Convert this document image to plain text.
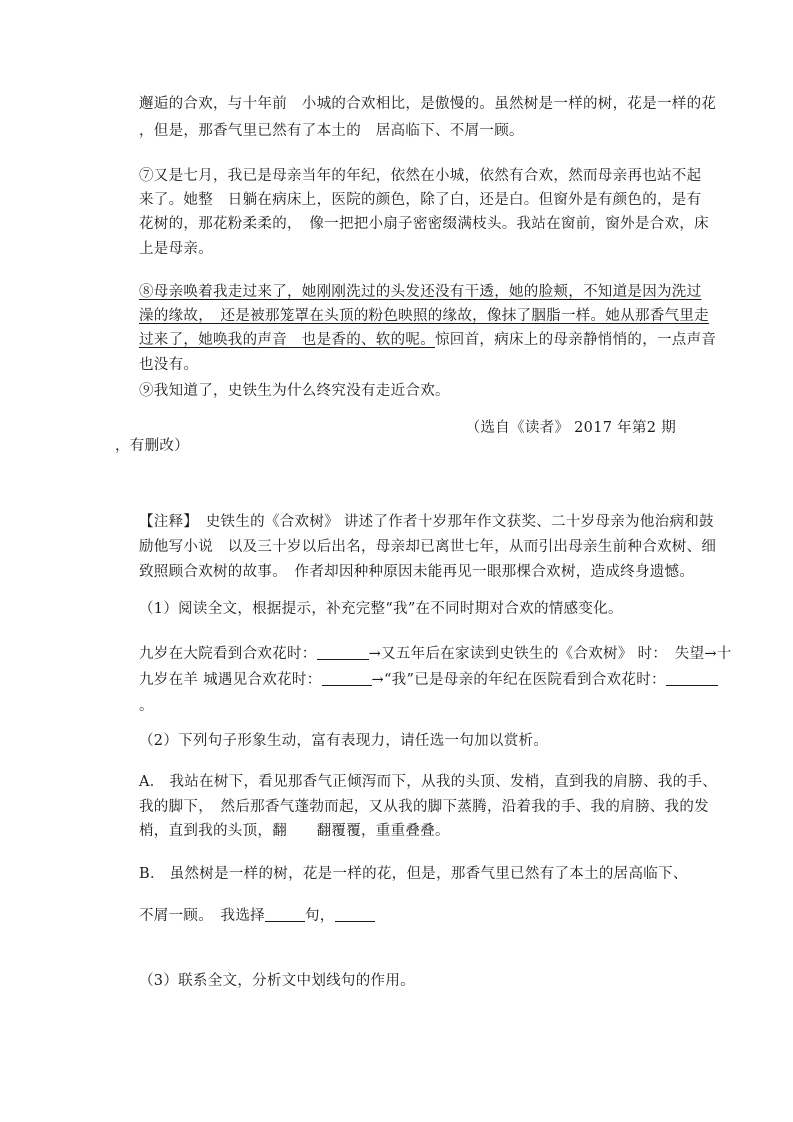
邂逅的合欢，与十年前　小城的合欢相比，是傲慢的。虽然树是一样的树，花是一样的花
，但是，那香气里已然有了本土的　居高临下、不屑一顾。
⑦又是七月，我已是母亲当年的年纪，依然在小城，依然有合欢，然而母亲再也站不起
来了。她整　日躺在病床上，医院的颜色，除了白，还是白。但窗外是有颜色的，是有
花树的，那花粉柔柔的，　像一把把小扇子密密缀满枝头。我站在窗前，窗外是合欢，床
上是母亲。
⑧母亲唤着我走过来了，她刚刚洗过的头发还没有干透，她的脸颊，不知道是因为洗过
澡的缘故，　还是被那笼罩在头顶的粉色映照的缘故，像抹了胭脂一样。她从那香气里走
过来了，她唤我的声音　也是香的、软的呢。惊回首，病床上的母亲静悄悄的，一点声音
也没有。
⑨我知道了，史铁生为什么终究没有走近合欢。
（选自《读者》 2017 年第2 期
，有删改）
【注释】　史铁生的《合欢树》 讲述了作者十岁那年作文获奖、二十岁母亲为他治病和鼓
励他写小说　以及三十岁以后出名，母亲却已离世七年，从而引出母亲生前种合欢树、细
致照顾合欢树的故事。　作者却因种种原因未能再见一眼那棵合欢树，造成终身遗憾。
（1）阅读全文，根据提示，补充完整“我”在不同时期对合欢的情感变化。
九岁在大院看到合欢花时：	→又五年后在家读到史铁生的《合欢树》 时：　失望→十
九岁在羊 城遇见合欢花时：	→“我”已是母亲的年纪在医院看到合欢花时：
。
（2）下列句子形象生动，富有表现力，请任选一句加以赏析。
A． 我站在树下，看见那香气正倾泻而下，从我的头顶、发梢，直到我的肩膀、我的手、
我的脚下，　然后那香气蓬勃而起，又从我的脚下蒸腾，沿着我的手、我的肩膀、我的发
梢，直到我的头顶，翻　　翻覆覆，重重叠叠。
B． 虽然树是一样的树，花是一样的花，但是，那香气里已然有了本土的居高临下、
不屑一顾。　我选择	句，
（3）联系全文，分析文中划线句的作用。
